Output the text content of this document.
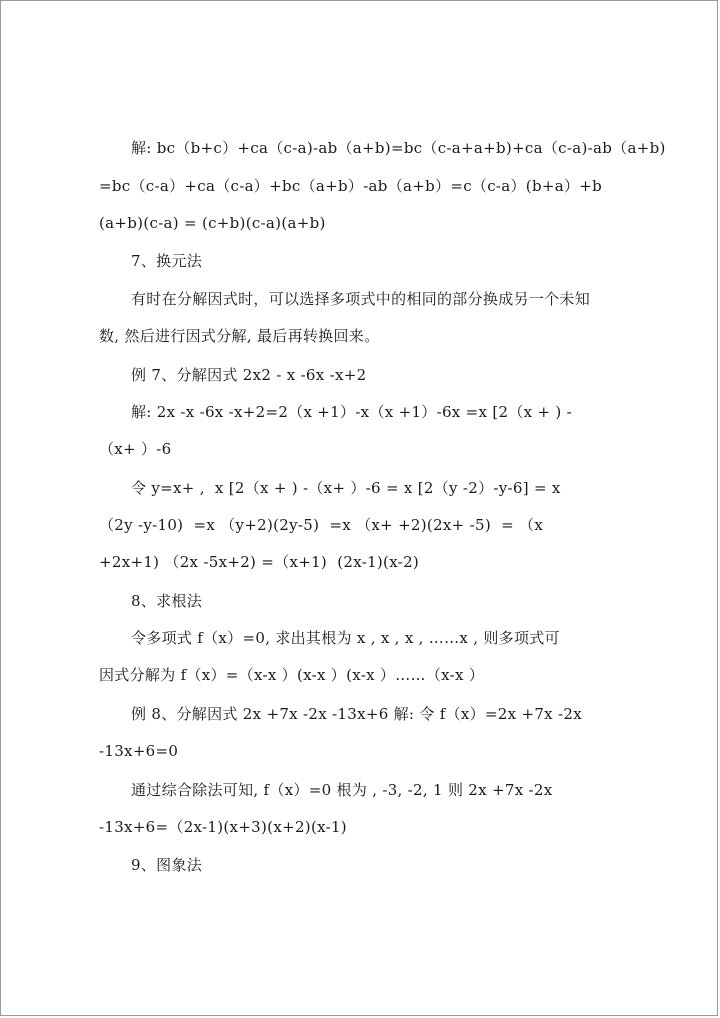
解: bc（b+c）+ca（c-a)-ab（a+b)=bc（c-a+a+b)+ca（c-a)-ab（a+b)
=bc（c-a）+ca（c-a）+bc（a+b）-ab（a+b）=c（c-a）(b+a）+b
(a+b)(c-a) = (c+b)(c-a)(a+b)
7、换元法
有时在分解因式时，可以选择多项式中的相同的部分换成另一个未知
数, 然后进行因式分解, 最后再转换回来。
例 7、分解因式 2x2 - x -6x -x+2
解: 2x -x -6x -x+2=2（x +1）-x（x +1）-6x =x [2（x + ) -
（x+ ）-6
令 y=x+ ,  x [2（x + ) -（x+ ）-6 = x [2（y -2）-y-6] = x
（2y -y-10)  =x （y+2)(2y-5)  =x （x+ +2)(2x+ -5)  = （x
+2x+1) （2x -5x+2) =（x+1)  (2x-1)(x-2)
8、求根法
令多项式 f（x）=0, 求出其根为 x , x , x , ……x , 则多项式可
因式分解为 f（x）=（x-x ）(x-x ）(x-x ）……（x-x ）
例 8、分解因式 2x +7x -2x -13x+6 解: 令 f（x）=2x +7x -2x
-13x+6=0
通过综合除法可知, f（x）=0 根为 , -3, -2, 1 则 2x +7x -2x
-13x+6=（2x-1)(x+3)(x+2)(x-1)
9、图象法
